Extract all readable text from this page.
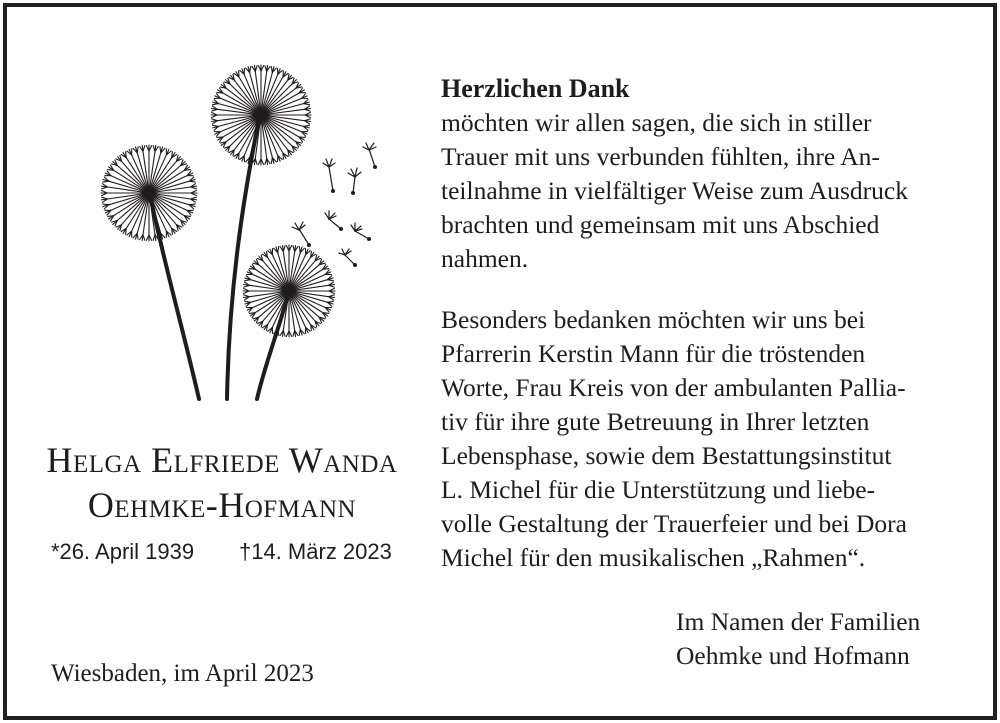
Helga Elfriede Wanda
Oehmke-Hofmann
*26. April 1939 †14. März 2023
Wiesbaden, im April 2023
Herzlichen Dank
möchten wir allen sagen, die sich in stiller
Trauer mit uns verbunden fühlten, ihre An-
teilnahme in vielfältiger Weise zum Ausdruck
brachten und gemeinsam mit uns Abschied
nahmen.
Besonders bedanken möchten wir uns bei
Pfarrerin Kerstin Mann für die tröstenden
Worte, Frau Kreis von der ambulanten Pallia-
tiv für ihre gute Betreuung in Ihrer letzten
Lebensphase, sowie dem Bestattungsinstitut
L. Michel für die Unterstützung und liebe-
volle Gestaltung der Trauerfeier und bei Dora
Michel für den musikalischen „Rahmen“.
Im Namen der Familien
Oehmke und Hofmann
